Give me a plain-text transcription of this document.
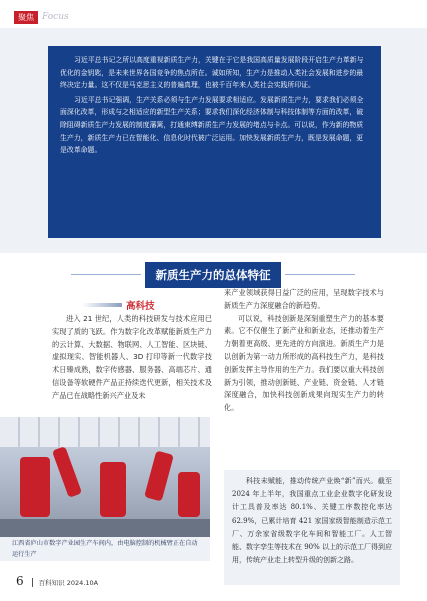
聚焦 Focus

习近平总书记之所以高度重视新质生产力，关键在于它是我国高质量发展阶段开启生产力革新与优化的金钥匙，是未来世界各国竞争的焦点所在。诚如所知，生产力是推动人类社会发展和进步的最终决定力量。这不仅是马克思主义的普遍真理，也被千百年来人类社会实践所印证。

习近平总书记强调，生产关系必须与生产力发展要求相适应。发展新质生产力，要求我们必须全面深化改革，形成与之相适应的新型生产关系；要求我们深化经济体制与科技体制等方面的改革，破除阻碍新质生产力发展的制度藩篱，打通束缚新质生产力发展的堵点与卡点。可以说，作为新的物质生产力，新质生产力已在智能化、信息化时代被广泛运用。加快发展新质生产力，既是发展命题，更是改革命题。

新质生产力的总体特征
高科技

进入 21 世纪，人类的科技研发与技术应用已实现了质的飞跃。作为数字化改革赋能新质生产力的云计算、大数据、物联网、人工智能、区块链、虚拟现实、智能机器人、3D 打印等新一代数字技术日臻成熟，数字传感器、服务器、高端芯片、通信设备等软硬件产品正持续迭代更新，相关技术及产品已在战略性新兴产业及未

来产业领域获得日益广泛的应用，呈现数字技术与新质生产力深度融合的新趋势。

可以说，科技创新是深刻重塑生产力的基本要素。它不仅催生了新产业和新业态，还推动着生产力朝着更高级、更先进的方向演进。新质生产力是以创新为第一动力所形成的高科技生产力，是科技创新发挥主导作用的生产力。我们要以重大科技创新为引领，推动创新链、产业链、资金链、人才链深度融合，加快科技创新成果向现实生产力的转化。

江西省庐山市数字产业园生产车间内，由电脑控制的机械臂正在自动运行生产

科技未赋能，推动传统产业焕“新”而兴。截至 2024 年上半年，我国重点工业企业数字化研发设计工具普及率达 80.1%、关键工序数控化率达 62.9%，已累计培育 421 家国家级智能制造示范工厂、万余家省级数字化车间和智能工厂。人工智能、数字孪生等技术在 90% 以上的示范工厂得到应用，传统产业走上转型升级的创新之路。

6	百科知识 2024.10A
